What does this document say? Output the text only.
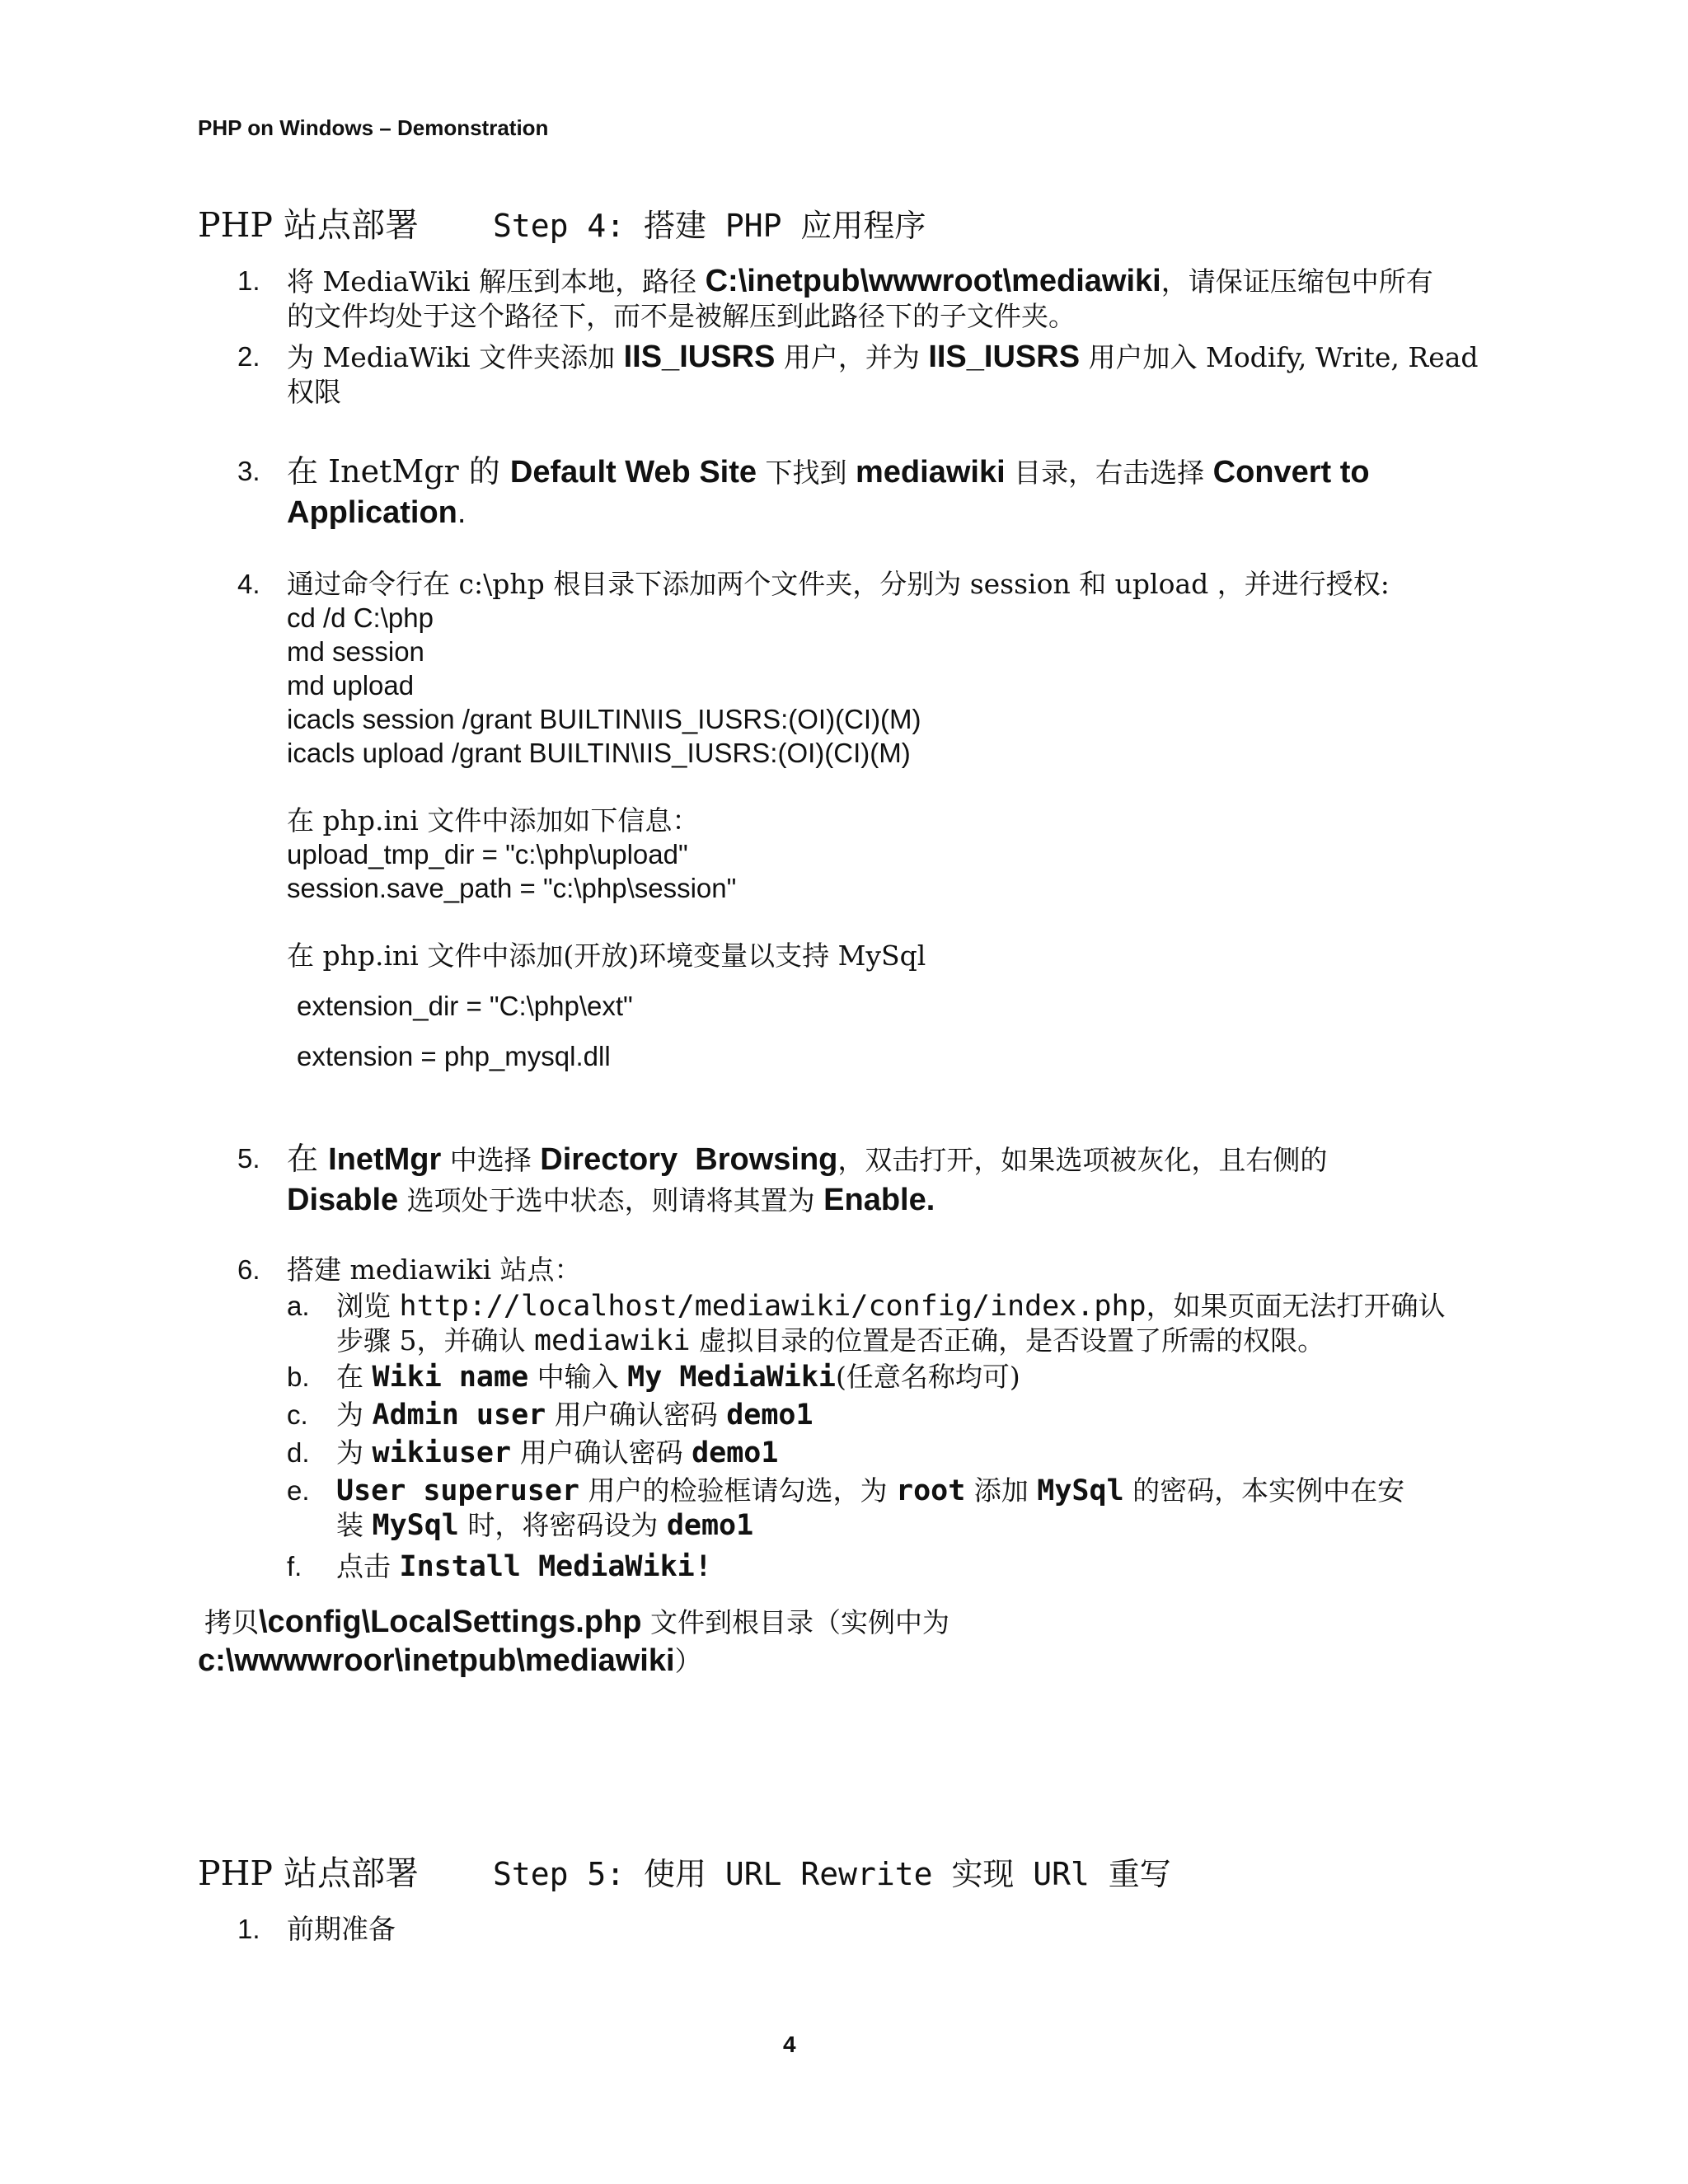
PHP on Windows – Demonstration
PHP 站点部署 Step 4: 搭建 PHP 应用程序
1. 将 MediaWiki 解压到本地，路径 C:\inetpub\wwwroot\mediawiki，请保证压缩包中所有
的文件均处于这个路径下，而不是被解压到此路径下的子文件夹。
2. 为 MediaWiki 文件夹添加 IIS_IUSRS 用户，并为 IIS_IUSRS 用户加入 Modify, Write, Read
权限
3. 在 InetMgr 的 Default Web Site 下找到 mediawiki 目录，右击选择 Convert to
Application.
4. 通过命令行在 c:\php 根目录下添加两个文件夹，分别为 session 和 upload ，并进行授权:
cd /d C:\php
md session
md upload
icacls session /grant BUILTIN\IIS_IUSRS:(OI)(CI)(M)
icacls upload /grant BUILTIN\IIS_IUSRS:(OI)(CI)(M)
在 php.ini 文件中添加如下信息：
upload_tmp_dir = "c:\php\upload"
session.save_path = "c:\php\session"
在 php.ini 文件中添加(开放)环境变量以支持 MySql
extension_dir = "C:\php\ext"
extension = php_mysql.dll
5. 在 InetMgr 中选择 Directory  Browsing，双击打开，如果选项被灰化，且右侧的
Disable 选项处于选中状态，则请将其置为 Enable.
6. 搭建 mediawiki 站点：
a. 浏览 http://localhost/mediawiki/config/index.php，如果页面无法打开确认
步骤 5，并确认 mediawiki 虚拟目录的位置是否正确，是否设置了所需的权限。
b. 在 Wiki name 中输入 My MediaWiki(任意名称均可)
c. 为 Admin user 用户确认密码 demo1
d. 为 wikiuser 用户确认密码 demo1
e. User superuser 用户的检验框请勾选，为 root 添加 MySql 的密码，本实例中在安
装 MySql 时，将密码设为 demo1
f. 点击 Install MediaWiki!
拷贝\config\LocalSettings.php 文件到根目录（实例中为
c:\wwwwroor\inetpub\mediawiki）
PHP 站点部署 Step 5: 使用 URL Rewrite 实现 URl 重写
1. 前期准备
4
